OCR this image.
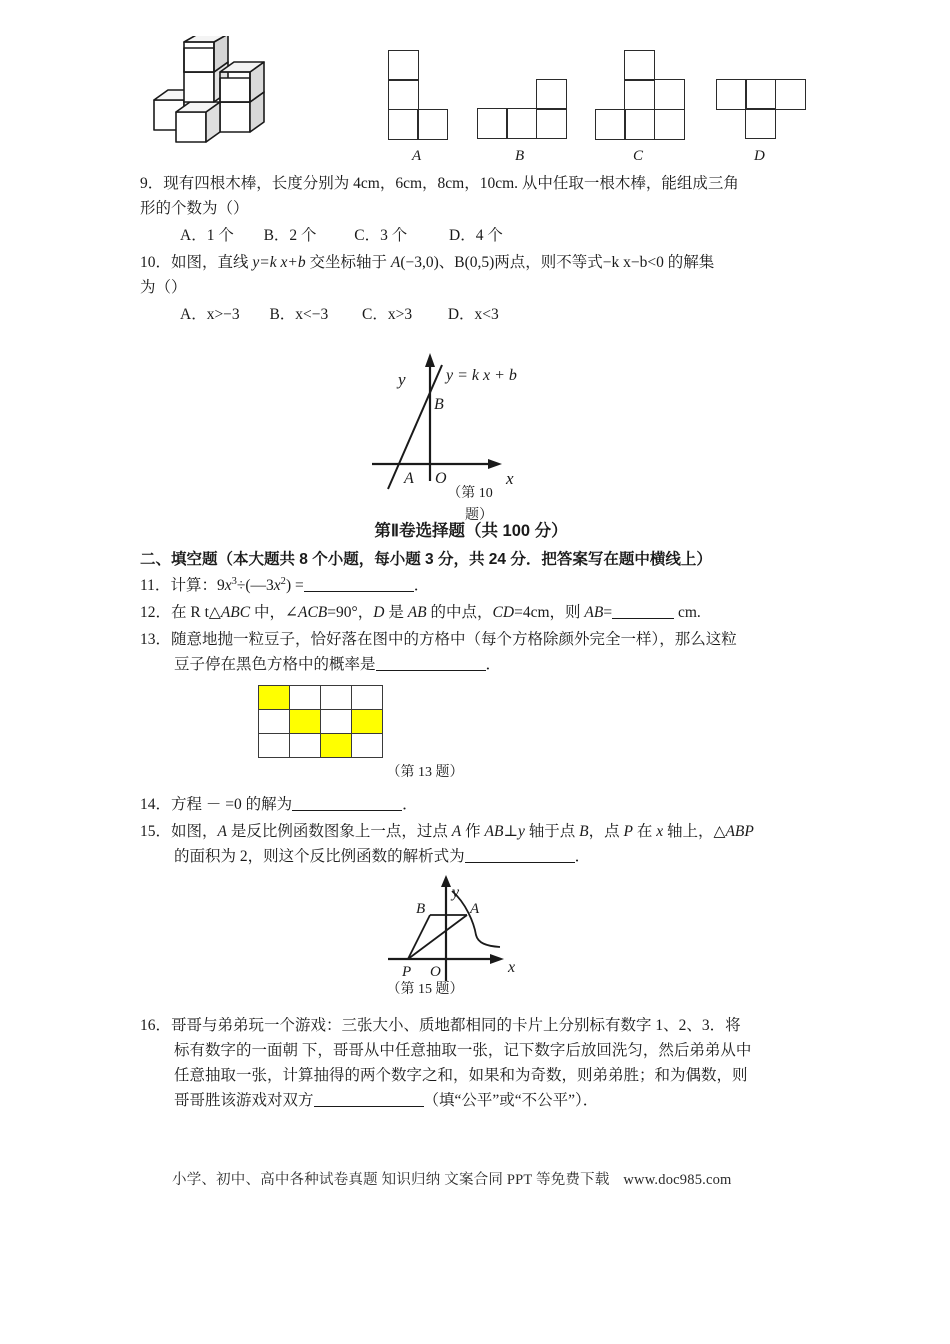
A	B	C	D
9．现有四根木棒，长度分别为 4cm，6cm，8cm，10cm. 从中任取一根木棒，能组成三角
形的个数为（）
A．1 个 B．2 个 C．3 个	D．4 个
10．如图，直线 y=k x+b 交坐标轴于 A(−3,0)、B(0,5)两点，则不等式−k x−b<0 的解集
为（）
A．x>−3 B．x<−3 C．x>3 D．x<3
y
x
B
A O
y = k x + b
（第 10
题）
第Ⅱ卷选择题（共 100 分）
二、填空题（本大题共 8 个小题，每小题 3 分，共 24 分．把答案写在题中横线上）
11．计算：$9x^3\div(—3x^2)$ =	．
12．在 R t△ABC 中，∠ACB=90°，D 是 AB 的中点，CD=4cm，则 AB=	cm.
13．随意地抛一粒豆子，恰好落在图中的方格中（每个方格除颜外完全一样），那么这粒
豆子停在黑色方格中的概率是	．

（第 13 题）
14．方程 － =0 的解为	．
15．如图，A 是反比例函数图象上一点，过点 A 作 AB⊥y 轴于点 B，点 P 在 x 轴上，△ABP
的面积为 2，则这个反比例函数的解析式为	．
y
x
A
B
P O
（第 15 题）
16．哥哥与弟弟玩一个游戏：三张大小、质地都相同的卡片上分别标有数字 1、2、3．将
标有数字的一面朝 下，哥哥从中任意抽取一张，记下数字后放回洗匀，然后弟弟从中
任意抽取一张，计算抽得的两个数字之和，如果和为奇数，则弟弟胜；和为偶数，则
哥哥胜该游戏对双方	（填“公平”或“不公平”）．
小学、初中、高中各种试卷真题 知识归纳 文案合同 PPT 等免费下载 www.doc985.com
